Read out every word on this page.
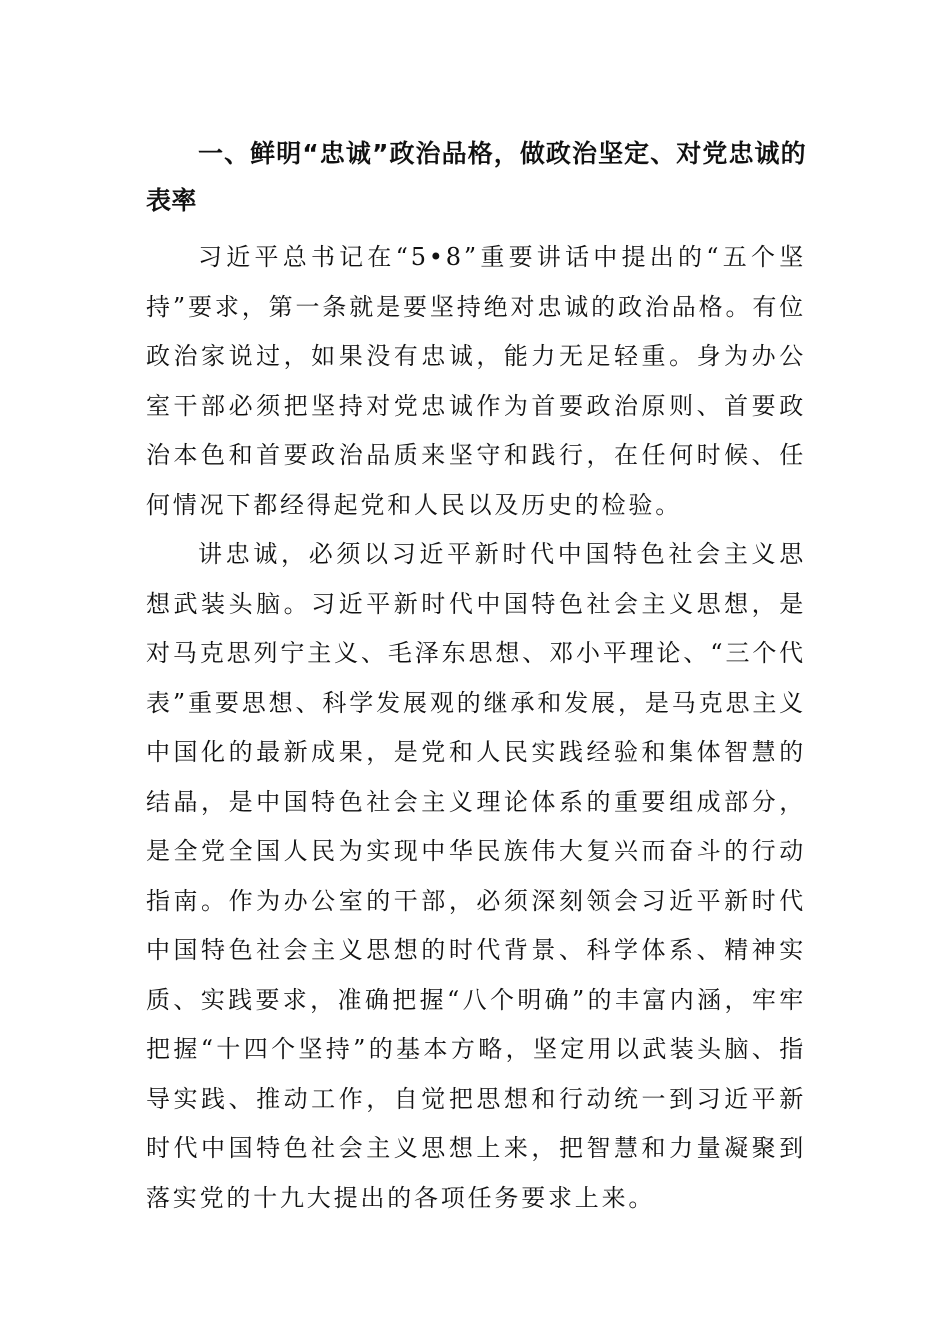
一、鲜明“忠诚”政治品格，做政治坚定、对党忠诚的表率

习近平总书记在“5•8”重要讲话中提出的“五个坚持”要求，第一条就是要坚持绝对忠诚的政治品格。有位政治家说过，如果没有忠诚，能力无足轻重。身为办公室干部必须把坚持对党忠诚作为首要政治原则、首要政治本色和首要政治品质来坚守和践行，在任何时候、任何情况下都经得起党和人民以及历史的检验。

讲忠诚，必须以习近平新时代中国特色社会主义思想武装头脑。习近平新时代中国特色社会主义思想，是对马克思列宁主义、毛泽东思想、邓小平理论、“三个代表”重要思想、科学发展观的继承和发展，是马克思主义中国化的最新成果，是党和人民实践经验和集体智慧的结晶，是中国特色社会主义理论体系的重要组成部分，是全党全国人民为实现中华民族伟大复兴而奋斗的行动指南。作为办公室的干部，必须深刻领会习近平新时代中国特色社会主义思想的时代背景、科学体系、精神实质、实践要求，准确把握“八个明确”的丰富内涵，牢牢把握“十四个坚持”的基本方略，坚定用以武装头脑、指导实践、推动工作，自觉把思想和行动统一到习近平新时代中国特色社会主义思想上来，把智慧和力量凝聚到落实党的十九大提出的各项任务要求上来。
